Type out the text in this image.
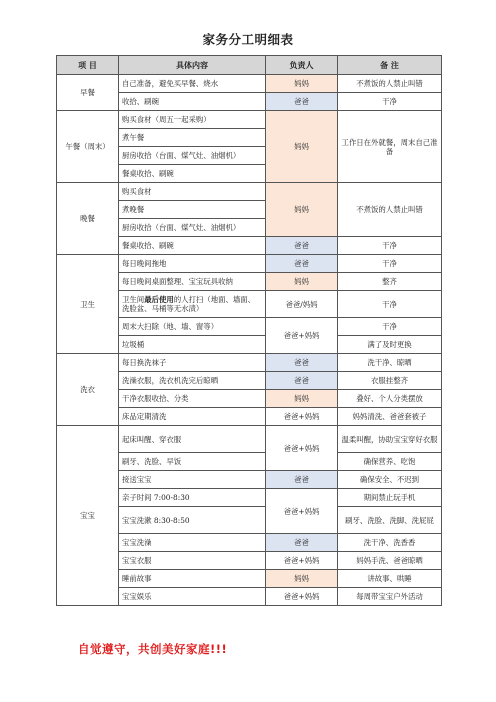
家务分工明细表
项 目	具体内容	负责人	备 注
早餐	自己准备，避免买早餐、烧水	妈妈	不煮饭的人禁止叫错
	收拾、刷碗	爸爸	干净
午餐（周末）	购买食材（周五一起采购）	妈妈	工作日在外就餐，周末自己准备
	煮午餐		
	厨房收拾（台面、煤气灶、油烟机）		
	餐桌收拾、刷碗		
晚餐	购买食材	妈妈	不煮饭的人禁止叫错
	煮晚餐		
	厨房收拾（台面、煤气灶、油烟机）		
	餐桌收拾、刷碗	爸爸	干净
卫生	每日晚间拖地	爸爸	干净
	每日晚间桌面整理、宝宝玩具收纳	妈妈	整齐
	卫生间最后使用的人打扫（地面、墙面、洗脸盆、马桶等无水渍）	爸爸/妈妈	干净
	周末大扫除（地、墙、窗等）	爸爸+妈妈	干净
	垃圾桶		满了及时更换
洗衣	每日换洗袜子	爸爸	洗干净、晾晒
	洗澡衣服，洗衣机洗完后晾晒	爸爸	衣服挂整齐
	干净衣服收拾、分类	妈妈	叠好、个人分类摆放
	床品定期清洗	爸爸+妈妈	妈妈清洗、爸爸套被子
宝宝	起床叫醒、穿衣服	爸爸+妈妈	温柔叫醒，协助宝宝穿好衣服
	刷牙、洗脸、早饭		确保营养、吃饱
	接送宝宝	爸爸	确保安全、不迟到
	亲子时间 7:00-8:30	爸爸+妈妈	期间禁止玩手机
	宝宝洗漱 8:30-8:50		刷牙、洗脸、洗脚、洗屁屁
	宝宝洗澡	爸爸	洗干净、洗香香
	宝宝衣服	爸爸+妈妈	妈妈手洗、爸爸晾晒
	睡前故事	妈妈	讲故事、哄睡
	宝宝娱乐	爸爸+妈妈	每周带宝宝户外活动
自觉遵守，共创美好家庭!!!
